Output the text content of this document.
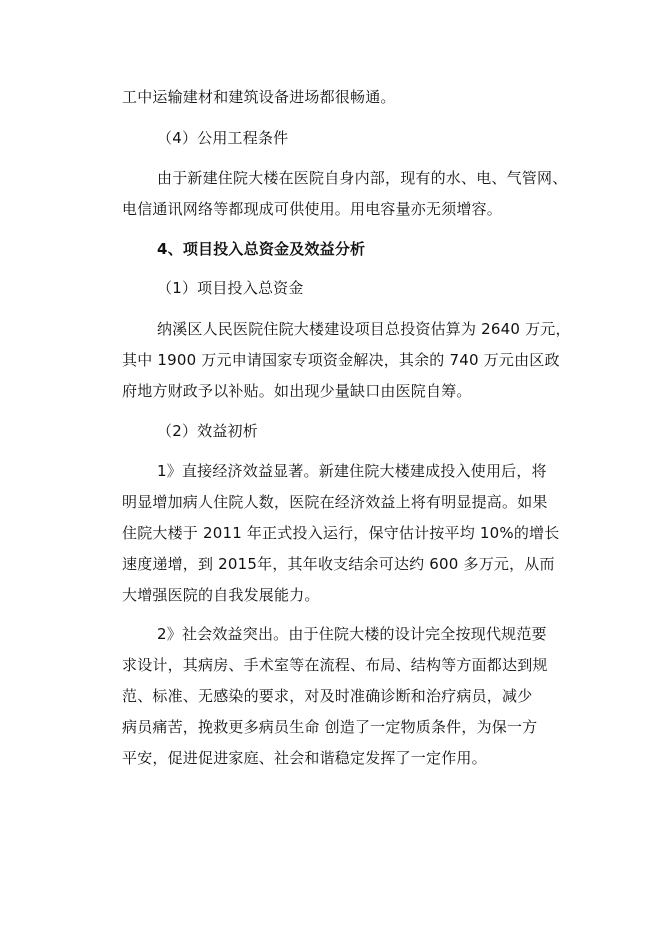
工中运输建材和建筑设备进场都很畅通。
（4）公用工程条件
由于新建住院大楼在医院自身内部，现有的水、电、气管网、
电信通讯网络等都现成可供使用。用电容量亦无须增容。
4、项目投入总资金及效益分析
（1）项目投入总资金
纳溪区人民医院住院大楼建设项目总投资估算为 2640 万元，
其中 1900 万元申请国家专项资金解决，其余的 740 万元由区政
府地方财政予以补贴。如出现少量缺口由医院自筹。
（2）效益初析
1》直接经济效益显著。新建住院大楼建成投入使用后，将
明显增加病人住院人数，医院在经济效益上将有明显提高。如果
住院大楼于 2011 年正式投入运行，保守估计按平均 10%的增长
速度递增，到 2015年，其年收支结余可达约 600 多万元，从而
大增强医院的自我发展能力。
2》社会效益突出。由于住院大楼的设计完全按现代规范要
求设计，其病房、手术室等在流程、布局、结构等方面都达到规
范、标准、无感染的要求，对及时准确诊断和治疗病员，减少
病员痛苦，挽救更多病员生命 创造了一定物质条件，为保一方
平安，促进促进家庭、社会和谐稳定发挥了一定作用。
